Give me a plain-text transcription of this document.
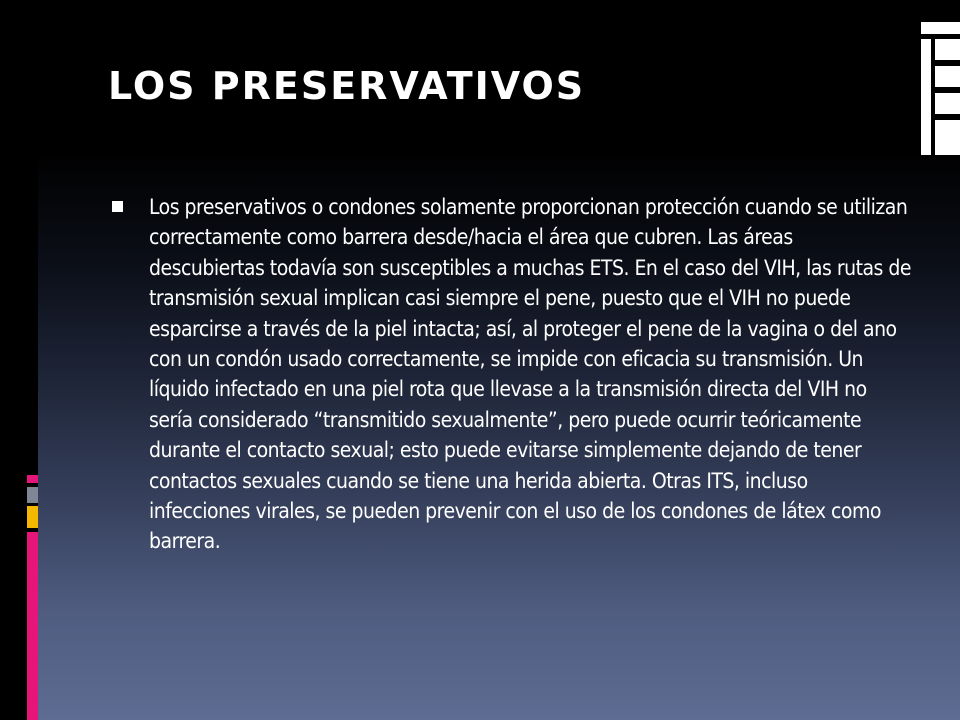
LOS PRESERVATIVOS

Los preservativos o condones solamente proporcionan protección cuando se utilizan correctamente como barrera desde/hacia el área que cubren. Las áreas descubiertas todavía son susceptibles a muchas ETS. En el caso del VIH, las rutas de transmisión sexual implican casi siempre el pene, puesto que el VIH no puede esparcirse a través de la piel intacta; así, al proteger el pene de la vagina o del ano con un condón usado correctamente, se impide con eficacia su transmisión. Un líquido infectado en una piel rota que llevase a la transmisión directa del VIH no sería considerado “transmitido sexualmente”, pero puede ocurrir teóricamente durante el contacto sexual; esto puede evitarse simplemente dejando de tener contactos sexuales cuando se tiene una herida abierta. Otras ITS, incluso infecciones virales, se pueden prevenir con el uso de los condones de látex como barrera.
